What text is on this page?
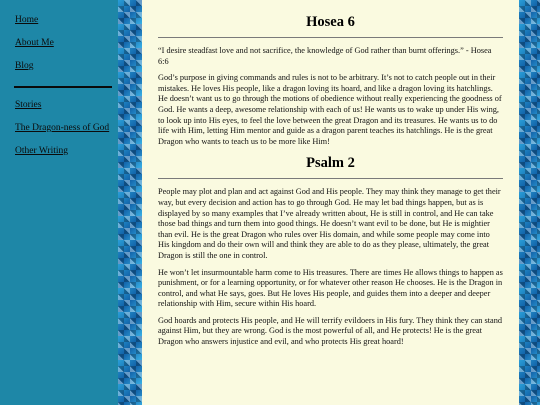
Home
About Me
Blog
Stories
The Dragon-ness of God
Other Writing
Hosea 6

“I desire steadfast love and not sacrifice, the knowledge of God rather than burnt offerings.” - Hosea 6:6

God’s purpose in giving commands and rules is not to be arbitrary. It’s not to catch people out in their mistakes. He loves His people, like a dragon loving its hoard, and like a dragon loving its hatchlings. He doesn’t want us to go through the motions of obedience without really experiencing the goodness of God. He wants a deep, awesome relationship with each of us! He wants us to wake up under His wing, to look up into His eyes, to feel the love between the great Dragon and its treasures. He wants us to do life with Him, letting Him mentor and guide as a dragon parent teaches its hatchlings. He is the great Dragon who wants to teach us to be more like Him!

Psalm 2

People may plot and plan and act against God and His people. They may think they manage to get their way, but every decision and action has to go through God. He may let bad things happen, but as is displayed by so many examples that I’ve already written about, He is still in control, and He can take those bad things and turn them into good things. He doesn’t want evil to be done, but He is mightier than evil. He is the great Dragon who rules over His domain, and while some people may come into His kingdom and do their own will and think they are able to do as they please, ultimately, the great Dragon is still the one in control.

He won’t let insurmountable harm come to His treasures. There are times He allows things to happen as punishment, or for a learning opportunity, or for whatever other reason He chooses. He is the Dragon in control, and what He says, goes. But He loves His people, and guides them into a deeper and deeper relationship with Him, secure within His hoard.

God hoards and protects His people, and He will terrify evildoers in His fury. They think they can stand against Him, but they are wrong. God is the most powerful of all, and He protects! He is the great Dragon who answers injustice and evil, and who protects His great hoard!
